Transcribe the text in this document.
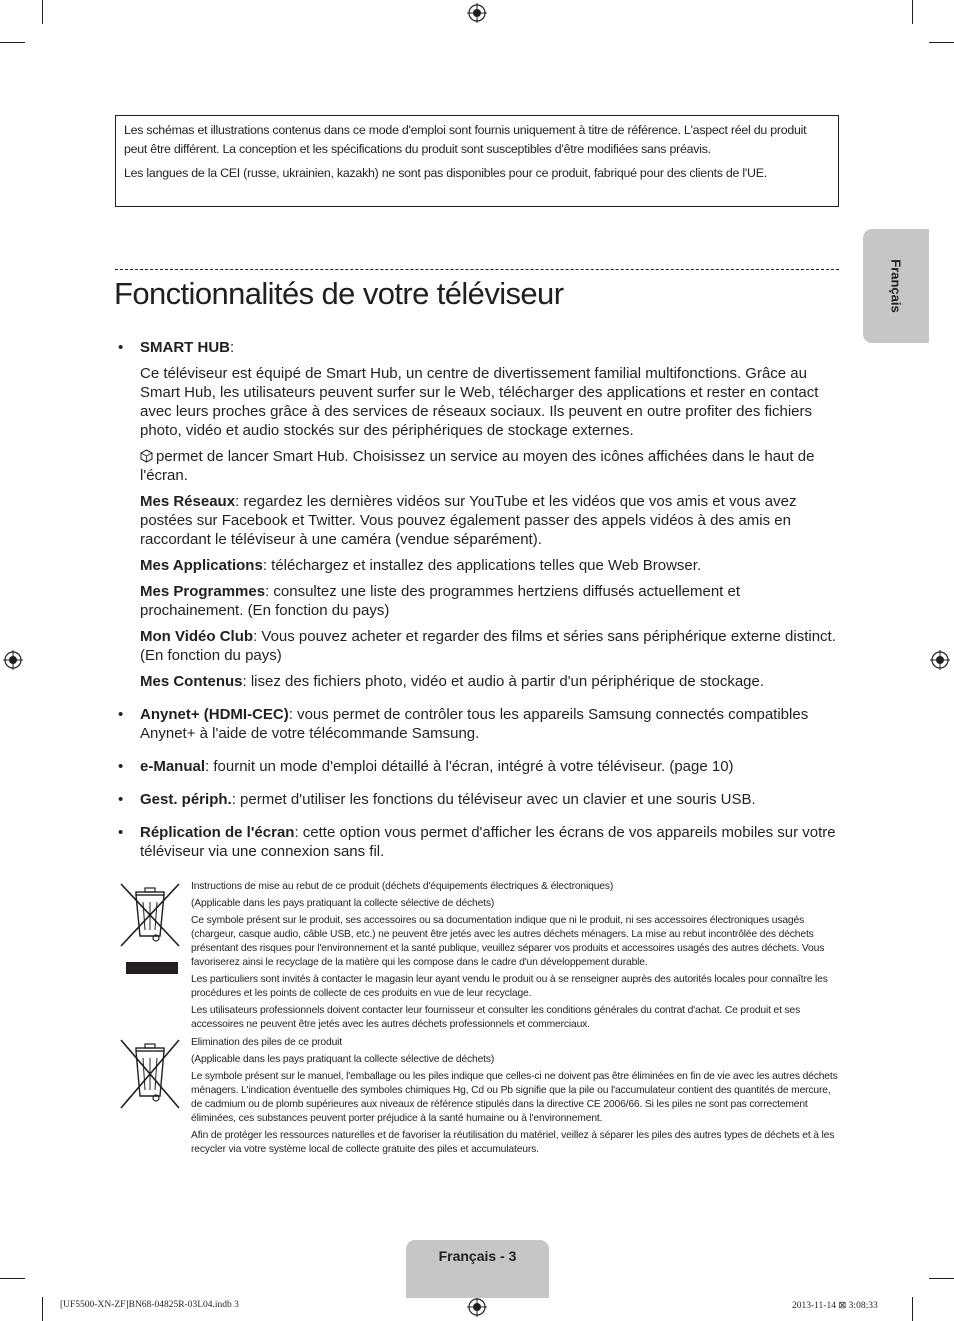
Les schémas et illustrations contenus dans ce mode d'emploi sont fournis uniquement à titre de référence. L'aspect réel du produit peut être différent. La conception et les spécifications du produit sont susceptibles d'être modifiées sans préavis.

Les langues de la CEI (russe, ukrainien, kazakh) ne sont pas disponibles pour ce produit, fabriqué pour des clients de l'UE.

Français
Fonctionnalités de votre téléviseur
• SMART HUB:

Ce téléviseur est équipé de Smart Hub, un centre de divertissement familial multifonctions. Grâce au Smart Hub, les utilisateurs peuvent surfer sur le Web, télécharger des applications et rester en contact avec leurs proches grâce à des services de réseaux sociaux. Ils peuvent en outre profiter des fichiers photo, vidéo et audio stockés sur des périphériques de stockage externes.

permet de lancer Smart Hub. Choisissez un service au moyen des icônes affichées dans le haut de l'écran.

Mes Réseaux: regardez les dernières vidéos sur YouTube et les vidéos que vos amis et vous avez postées sur Facebook et Twitter. Vous pouvez également passer des appels vidéos à des amis en raccordant le téléviseur à une caméra (vendue séparément).

Mes Applications: téléchargez et installez des applications telles que Web Browser.

Mes Programmes: consultez une liste des programmes hertziens diffusés actuellement et prochainement. (En fonction du pays)

Mon Vidéo Club: Vous pouvez acheter et regarder des films et séries sans périphérique externe distinct. (En fonction du pays)

Mes Contenus: lisez des fichiers photo, vidéo et audio à partir d'un périphérique de stockage.

• Anynet+ (HDMI-CEC): vous permet de contrôler tous les appareils Samsung connectés compatibles Anynet+ à l'aide de votre télécommande Samsung.

• e-Manual: fournit un mode d'emploi détaillé à l'écran, intégré à votre téléviseur. (page 10)

• Gest. périph.: permet d'utiliser les fonctions du téléviseur avec un clavier et une souris USB.

• Réplication de l'écran: cette option vous permet d'afficher les écrans de vos appareils mobiles sur votre téléviseur via une connexion sans fil.

Instructions de mise au rebut de ce produit (déchets d'équipements électriques & électroniques)

(Applicable dans les pays pratiquant la collecte sélective de déchets)

Ce symbole présent sur le produit, ses accessoires ou sa documentation indique que ni le produit, ni ses accessoires électroniques usagés (chargeur, casque audio, câble USB, etc.) ne peuvent être jetés avec les autres déchets ménagers. La mise au rebut incontrôlée des déchets présentant des risques pour l'environnement et la santé publique, veuillez séparer vos produits et accessoires usagés des autres déchets. Vous favoriserez ainsi le recyclage de la matière qui les compose dans le cadre d'un développement durable.

Les particuliers sont invités à contacter le magasin leur ayant vendu le produit ou à se renseigner auprès des autorités locales pour connaître les procédures et les points de collecte de ces produits en vue de leur recyclage.

Les utilisateurs professionnels doivent contacter leur fournisseur et consulter les conditions générales du contrat d'achat. Ce produit et ses accessoires ne peuvent être jetés avec les autres déchets professionnels et commerciaux.

Elimination des piles de ce produit

(Applicable dans les pays pratiquant la collecte sélective de déchets)

Le symbole présent sur le manuel, l'emballage ou les piles indique que celles-ci ne doivent pas être éliminées en fin de vie avec les autres déchets ménagers. L'indication éventuelle des symboles chimiques Hg, Cd ou Pb signifie que la pile ou l'accumulateur contient des quantités de mercure, de cadmium ou de plomb supérieures aux niveaux de référence stipulés dans la directive CE 2006/66. Si les piles ne sont pas correctement éliminées, ces substances peuvent porter préjudice à la santé humaine ou à l'environnement.

Afin de protéger les ressources naturelles et de favoriser la réutilisation du matériel, veillez à séparer les piles des autres types de déchets et à les recycler via votre système local de collecte gratuite des piles et accumulateurs.

Français - 3
[UF5500-XN-ZF]BN68-04825R-03L04.indb 3	2013-11-14 ⊠ 3:08:33
